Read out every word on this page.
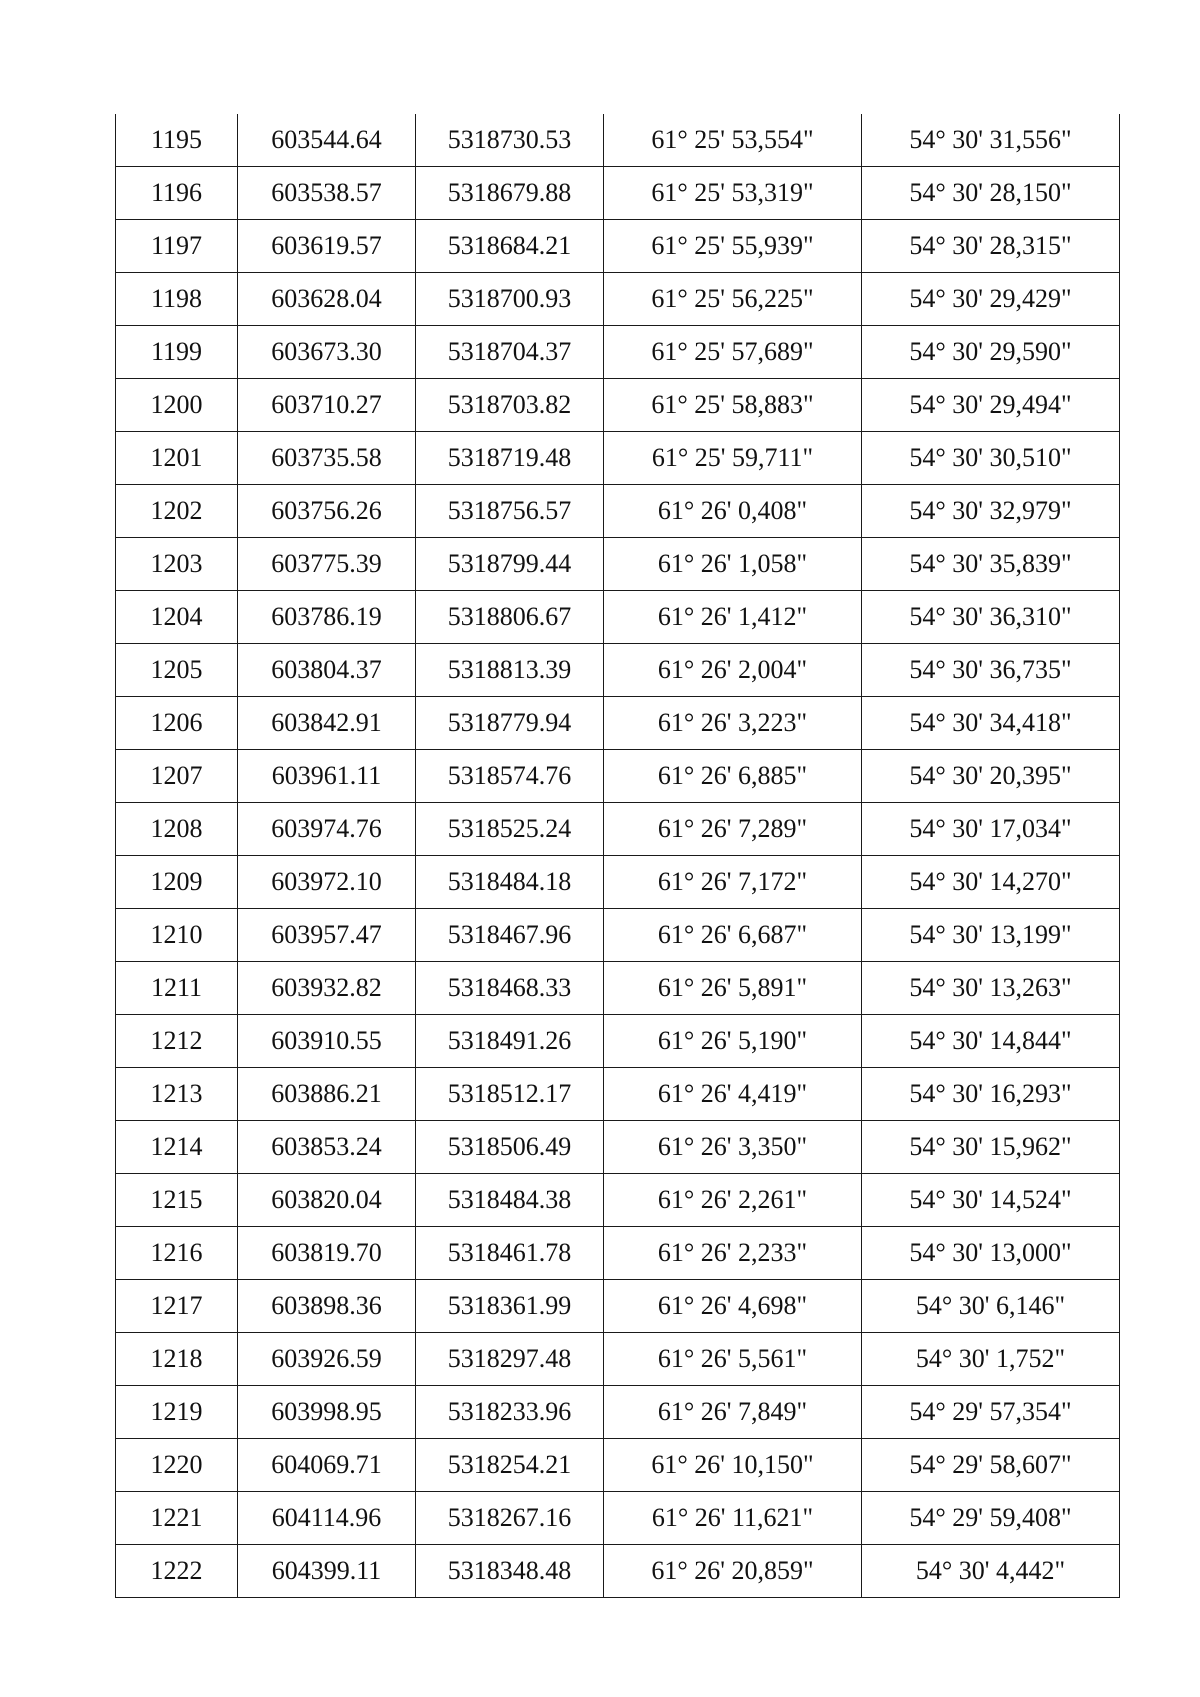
1195	603544.64	5318730.53	61° 25' 53,554"	54° 30' 31,556"
1196	603538.57	5318679.88	61° 25' 53,319"	54° 30' 28,150"
1197	603619.57	5318684.21	61° 25' 55,939"	54° 30' 28,315"
1198	603628.04	5318700.93	61° 25' 56,225"	54° 30' 29,429"
1199	603673.30	5318704.37	61° 25' 57,689"	54° 30' 29,590"
1200	603710.27	5318703.82	61° 25' 58,883"	54° 30' 29,494"
1201	603735.58	5318719.48	61° 25' 59,711"	54° 30' 30,510"
1202	603756.26	5318756.57	61° 26' 0,408"	54° 30' 32,979"
1203	603775.39	5318799.44	61° 26' 1,058"	54° 30' 35,839"
1204	603786.19	5318806.67	61° 26' 1,412"	54° 30' 36,310"
1205	603804.37	5318813.39	61° 26' 2,004"	54° 30' 36,735"
1206	603842.91	5318779.94	61° 26' 3,223"	54° 30' 34,418"
1207	603961.11	5318574.76	61° 26' 6,885"	54° 30' 20,395"
1208	603974.76	5318525.24	61° 26' 7,289"	54° 30' 17,034"
1209	603972.10	5318484.18	61° 26' 7,172"	54° 30' 14,270"
1210	603957.47	5318467.96	61° 26' 6,687"	54° 30' 13,199"
1211	603932.82	5318468.33	61° 26' 5,891"	54° 30' 13,263"
1212	603910.55	5318491.26	61° 26' 5,190"	54° 30' 14,844"
1213	603886.21	5318512.17	61° 26' 4,419"	54° 30' 16,293"
1214	603853.24	5318506.49	61° 26' 3,350"	54° 30' 15,962"
1215	603820.04	5318484.38	61° 26' 2,261"	54° 30' 14,524"
1216	603819.70	5318461.78	61° 26' 2,233"	54° 30' 13,000"
1217	603898.36	5318361.99	61° 26' 4,698"	54° 30' 6,146"
1218	603926.59	5318297.48	61° 26' 5,561"	54° 30' 1,752"
1219	603998.95	5318233.96	61° 26' 7,849"	54° 29' 57,354"
1220	604069.71	5318254.21	61° 26' 10,150"	54° 29' 58,607"
1221	604114.96	5318267.16	61° 26' 11,621"	54° 29' 59,408"
1222	604399.11	5318348.48	61° 26' 20,859"	54° 30' 4,442"
